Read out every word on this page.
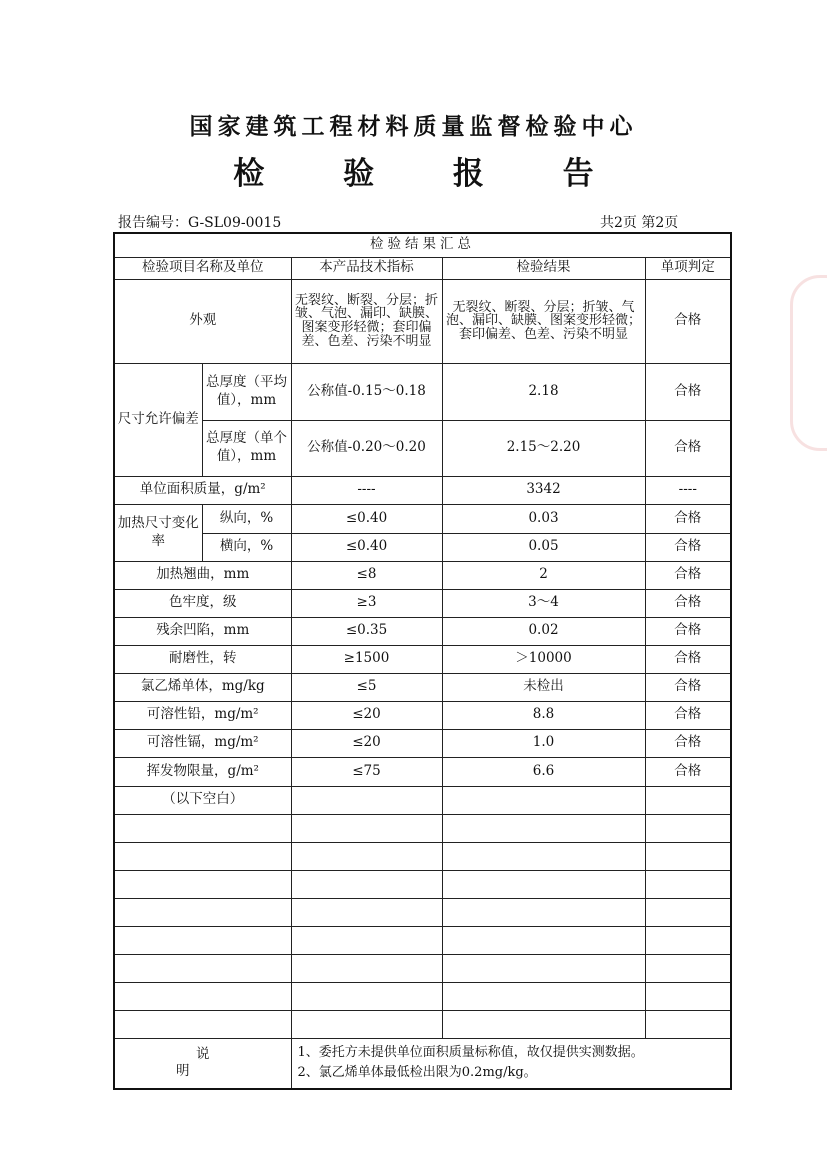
国家建筑工程材料质量监督检验中心
检 验 报 告
报告编号：G-SL09-0015	共2页 第2页
检验结果汇总				
检验项目名称及单位		本产品技术指标	检验结果	单项判定
外观		无裂纹、断裂、分层；折皱、气泡、漏印、缺膜、图案变形轻微；套印偏差、色差、污染不明显	无裂纹、断裂、分层；折皱、气泡、漏印、缺膜、图案变形轻微；套印偏差、色差、污染不明显	合格
尺寸允许偏差	总厚度（平均值），mm	公称值-0.15～0.18	2.18	合格
	总厚度（单个值），mm	公称值-0.20～0.20	2.15～2.20	合格
单位面积质量，g/m²		----	3342	----
加热尺寸变化率	纵向，%	≤0.40	0.03	合格
	横向，%	≤0.40	0.05	合格
加热翘曲，mm		≤8	2	合格
色牢度，级		≥3	3～4	合格
残余凹陷，mm		≤0.35	0.02	合格
耐磨性，转		≥1500	＞10000	合格
氯乙烯单体，mg/kg		≤5	未检出	合格
可溶性铅，mg/m²		≤20	8.8	合格
可溶性镉，mg/m²		≤20	1.0	合格
挥发物限量，g/m²		≤75	6.6	合格
（以下空白）				

说 明		1、委托方未提供单位面积质量标称值，故仅提供实测数据。
2、氯乙烯单体最低检出限为0.2mg/kg。		
